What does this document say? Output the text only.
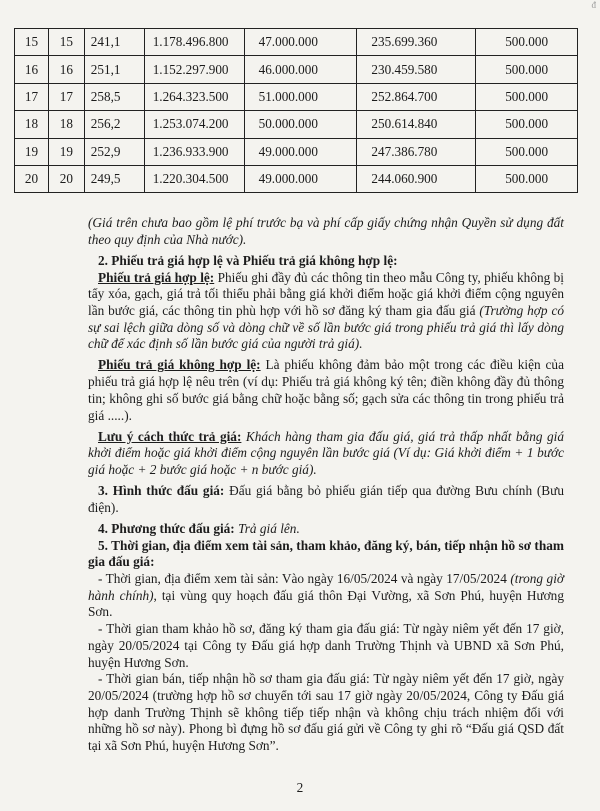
đ
15	15	241,1	1.178.496.800	47.000.000	235.699.360	500.000
16	16	251,1	1.152.297.900	46.000.000	230.459.580	500.000
17	17	258,5	1.264.323.500	51.000.000	252.864.700	500.000
18	18	256,2	1.253.074.200	50.000.000	250.614.840	500.000
19	19	252,9	1.236.933.900	49.000.000	247.386.780	500.000
20	20	249,5	1.220.304.500	49.000.000	244.060.900	500.000

(Giá trên chưa bao gồm lệ phí trước bạ và phí cấp giấy chứng nhận Quyền sử dụng đất theo quy định của Nhà nước).

2. Phiếu trả giá hợp lệ và Phiếu trả giá không hợp lệ:

Phiếu trả giá hợp lệ: Phiếu ghi đầy đủ các thông tin theo mẫu Công ty, phiếu không bị tẩy xóa, gạch, giá trả tối thiểu phải bằng giá khởi điểm hoặc giá khởi điểm cộng nguyên lần bước giá, các thông tin phù hợp với hồ sơ đăng ký tham gia đấu giá (Trường hợp có sự sai lệch giữa dòng số và dòng chữ về số lần bước giá trong phiếu trả giá thì lấy dòng chữ để xác định số lần bước giá của người trả giá).

Phiếu trả giá không hợp lệ: Là phiếu không đảm bảo một trong các điều kiện của phiếu trả giá hợp lệ nêu trên (ví dụ: Phiếu trả giá không ký tên; điền không đầy đủ thông tin; không ghi số bước giá bằng chữ hoặc bằng số; gạch sửa các thông tin trong phiếu trả giá .....).

Lưu ý cách thức trả giá: Khách hàng tham gia đấu giá, giá trả thấp nhất bằng giá khởi điểm hoặc giá khởi điểm cộng nguyên lần bước giá (Ví dụ: Giá khởi điểm + 1 bước giá hoặc + 2 bước giá hoặc + n bước giá).

3. Hình thức đấu giá: Đấu giá bằng bỏ phiếu gián tiếp qua đường Bưu chính (Bưu điện).

4. Phương thức đấu giá: Trả giá lên.

5. Thời gian, địa điểm xem tài sản, tham khảo, đăng ký, bán, tiếp nhận hồ sơ tham gia đấu giá:

- Thời gian, địa điểm xem tài sản: Vào ngày 16/05/2024 và ngày 17/05/2024 (trong giờ hành chính), tại vùng quy hoạch đấu giá thôn Đại Vường, xã Sơn Phú, huyện Hương Sơn.

- Thời gian tham khảo hồ sơ, đăng ký tham gia đấu giá: Từ ngày niêm yết đến 17 giờ, ngày 20/05/2024 tại Công ty Đấu giá hợp danh Trường Thịnh và UBND xã Sơn Phú, huyện Hương Sơn.

- Thời gian bán, tiếp nhận hồ sơ tham gia đấu giá: Từ ngày niêm yết đến 17 giờ, ngày 20/05/2024 (trường hợp hồ sơ chuyển tới sau 17 giờ ngày 20/05/2024, Công ty Đấu giá hợp danh Trường Thịnh sẽ không tiếp tiếp nhận và không chịu trách nhiệm đối với những hồ sơ này). Phong bì đựng hồ sơ đấu giá gửi về Công ty ghi rõ “Đấu giá QSD đất tại xã Sơn Phú, huyện Hương Sơn”.

2
